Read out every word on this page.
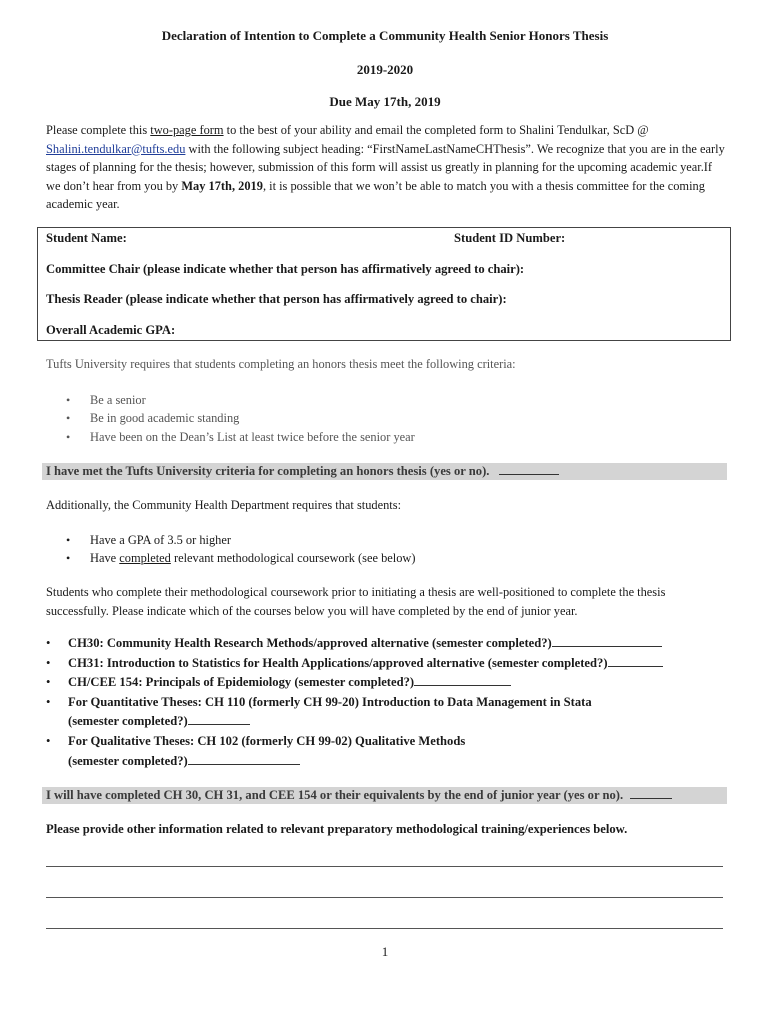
Declaration of Intention to Complete a Community Health Senior Honors Thesis
2019-2020
Due May 17th, 2019
Please complete this two-page form to the best of your ability and email the completed form to Shalini Tendulkar, ScD @ Shalini.tendulkar@tufts.edu with the following subject heading: “FirstNameLastNameCHThesis”. We recognize that you are in the early stages of planning for the thesis; however, submission of this form will assist us greatly in planning for the upcoming academic year.If we don’t hear from you by May 17th, 2019, it is possible that we won’t be able to match you with a thesis committee for the coming academic year.
Student Name:	Student ID Number:
Committee Chair (please indicate whether that person has affirmatively agreed to chair):
Thesis Reader (please indicate whether that person has affirmatively agreed to chair):
Overall Academic GPA:
Tufts University requires that students completing an honors thesis meet the following criteria:
• Be a senior
• Be in good academic standing
• Have been on the Dean’s List at least twice before the senior year
I have met the Tufts University criteria for completing an honors thesis (yes or no).
Additionally, the Community Health Department requires that students:
• Have a GPA of 3.5 or higher
• Have completed relevant methodological coursework (see below)
Students who complete their methodological coursework prior to initiating a thesis are well-positioned to complete the thesis successfully. Please indicate which of the courses below you will have completed by the end of junior year.
• CH30: Community Health Research Methods/approved alternative (semester completed?)
• CH31: Introduction to Statistics for Health Applications/approved alternative (semester completed?)
• CH/CEE 154: Principals of Epidemiology (semester completed?)
• For Quantitative Theses: CH 110 (formerly CH 99-20) Introduction to Data Management in Stata
(semester completed?)
• For Qualitative Theses: CH 102 (formerly CH 99-02) Qualitative Methods
(semester completed?)
I will have completed CH 30, CH 31, and CEE 154 or their equivalents by the end of junior year (yes or no).
Please provide other information related to relevant preparatory methodological training/experiences below.
1
